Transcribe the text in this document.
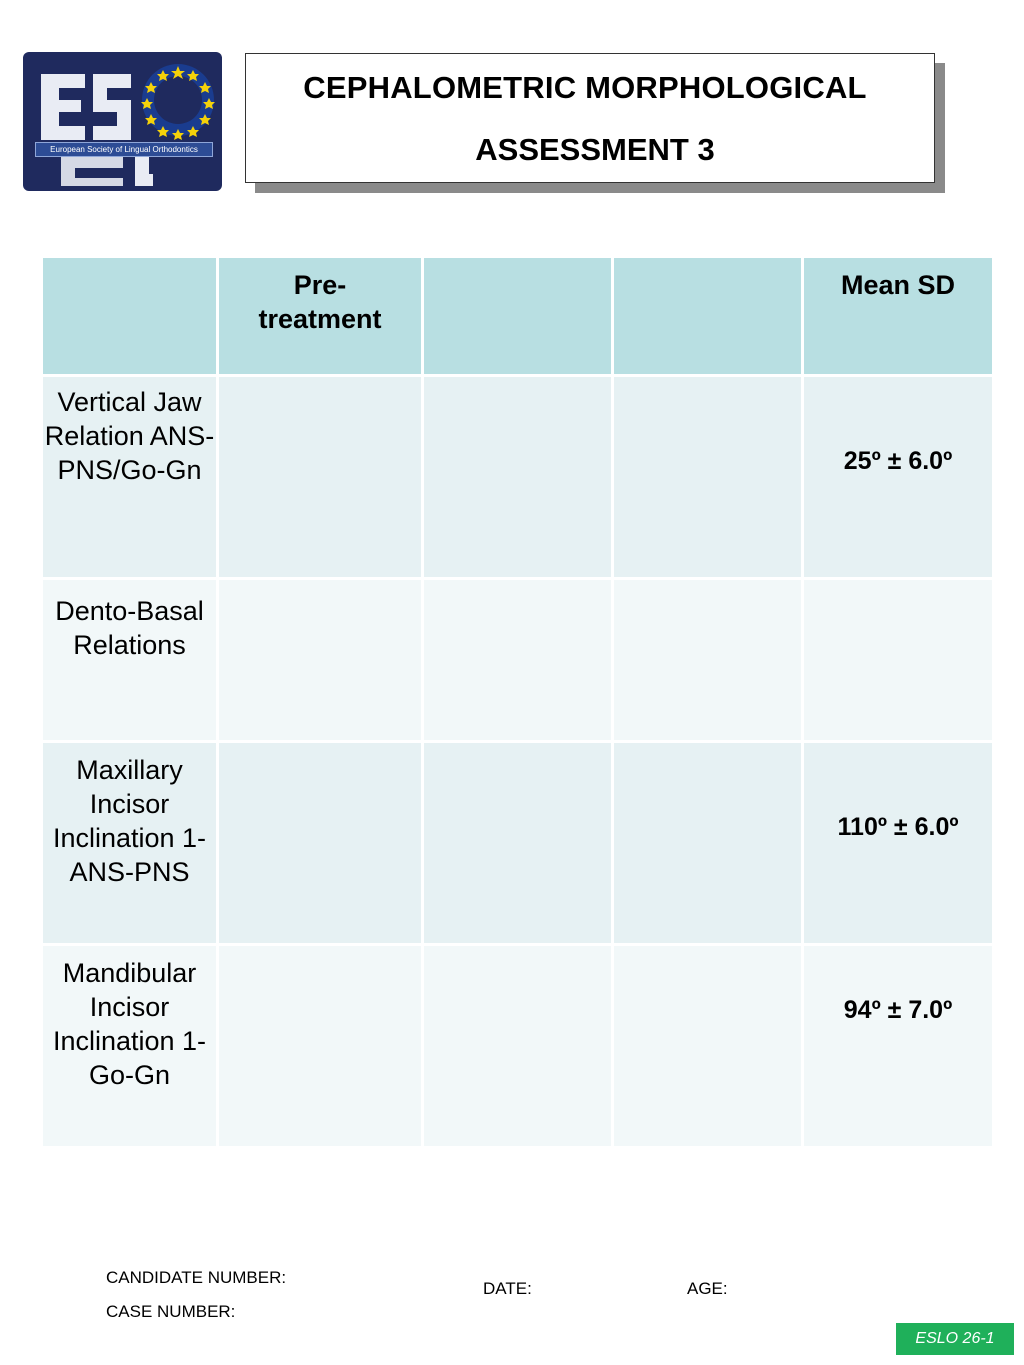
European Society of Lingual Orthodontics
CEPHALOMETRIC MORPHOLOGICAL
ASSESSMENT 3
	Pre-
treatment			Mean SD
Vertical Jaw Relation ANS-PNS/Go-Gn				25º ± 6.0º

Dento-Basal Relations				

Maxillary Incisor Inclination 1-ANS-PNS				110º ± 6.0º

Mandibular Incisor Inclination 1-Go-Gn				94º ± 7.0º
CANDIDATE NUMBER:
CASE NUMBER:
DATE:	AGE:
ESLO 26-1
